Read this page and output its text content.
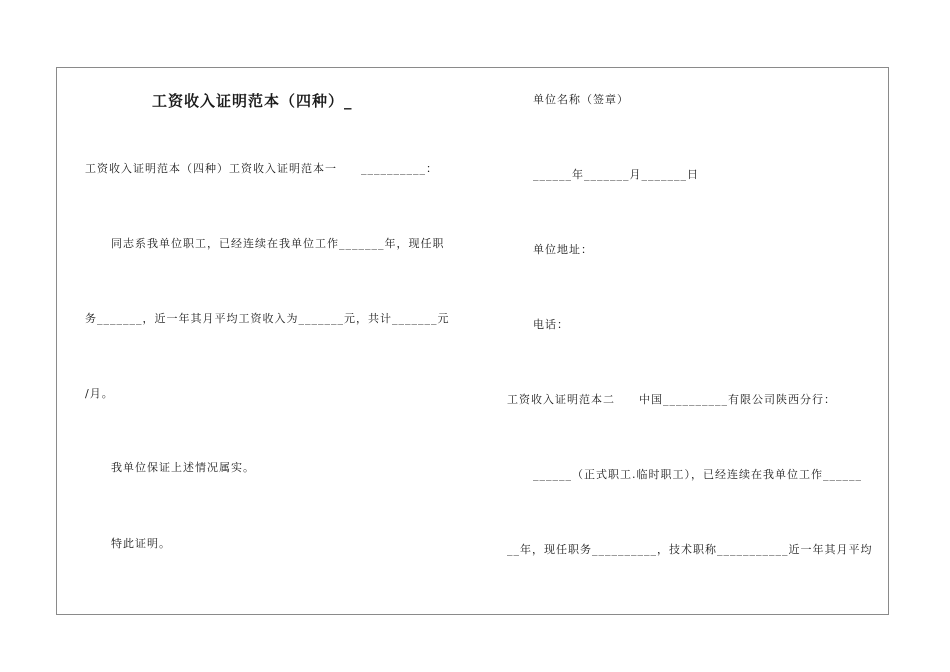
工资收入证明范本（四种）_
工资收入证明范本（四种）工资收入证明范本一　　__________：
同志系我单位职工，已经连续在我单位工作_______年，现任职
务_______，近一年其月平均工资收入为_______元，共计_______元
/月。
我单位保证上述情况属实。
特此证明。
单位名称（签章）
______年_______月_______日
单位地址：
电话：
工资收入证明范本二　　中国__________有限公司陕西分行：
______（正式职工.临时职工），已经连续在我单位工作______
__年，现任职务__________，技术职称___________近一年其月平均
